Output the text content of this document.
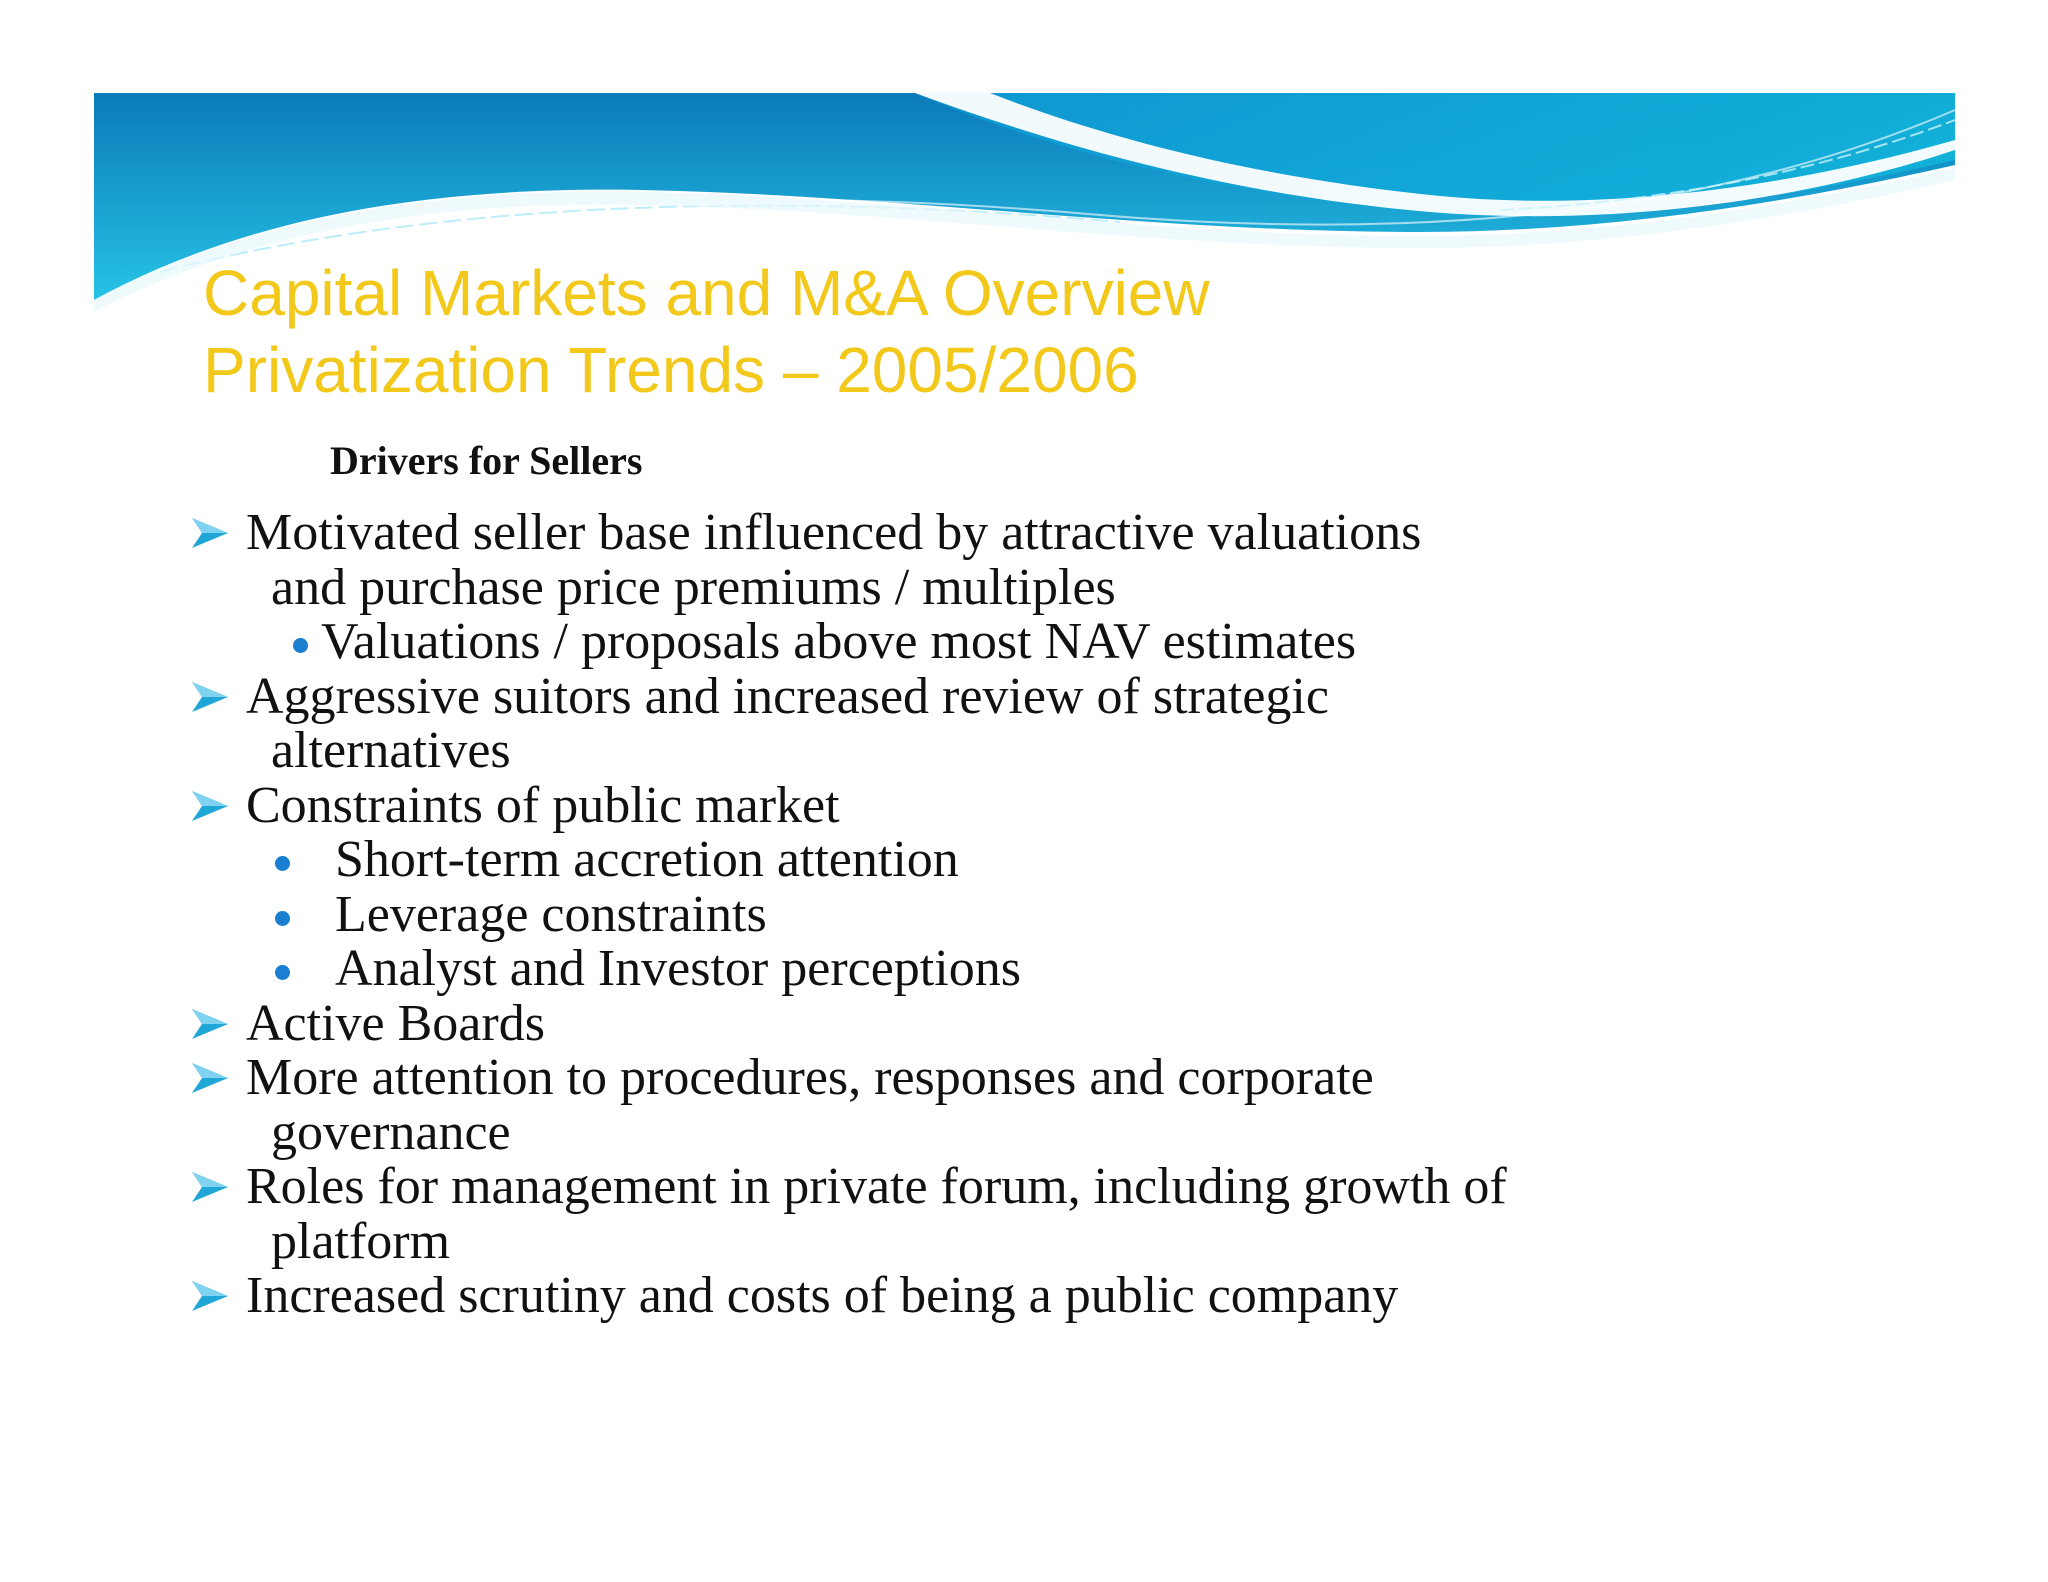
Capital Markets and M&A Overview
Privatization Trends – 2005/2006
Drivers for Sellers
Motivated seller base influenced by attractive valuations
and purchase price premiums / multiples
Valuations / proposals above most NAV estimates
Aggressive suitors and increased review of strategic
alternatives
Constraints of public market
Short-term accretion attention
Leverage constraints
Analyst and Investor perceptions
Active Boards
More attention to procedures, responses and corporate
governance
Roles for management in private forum, including growth of
platform
Increased scrutiny and costs of being a public company
